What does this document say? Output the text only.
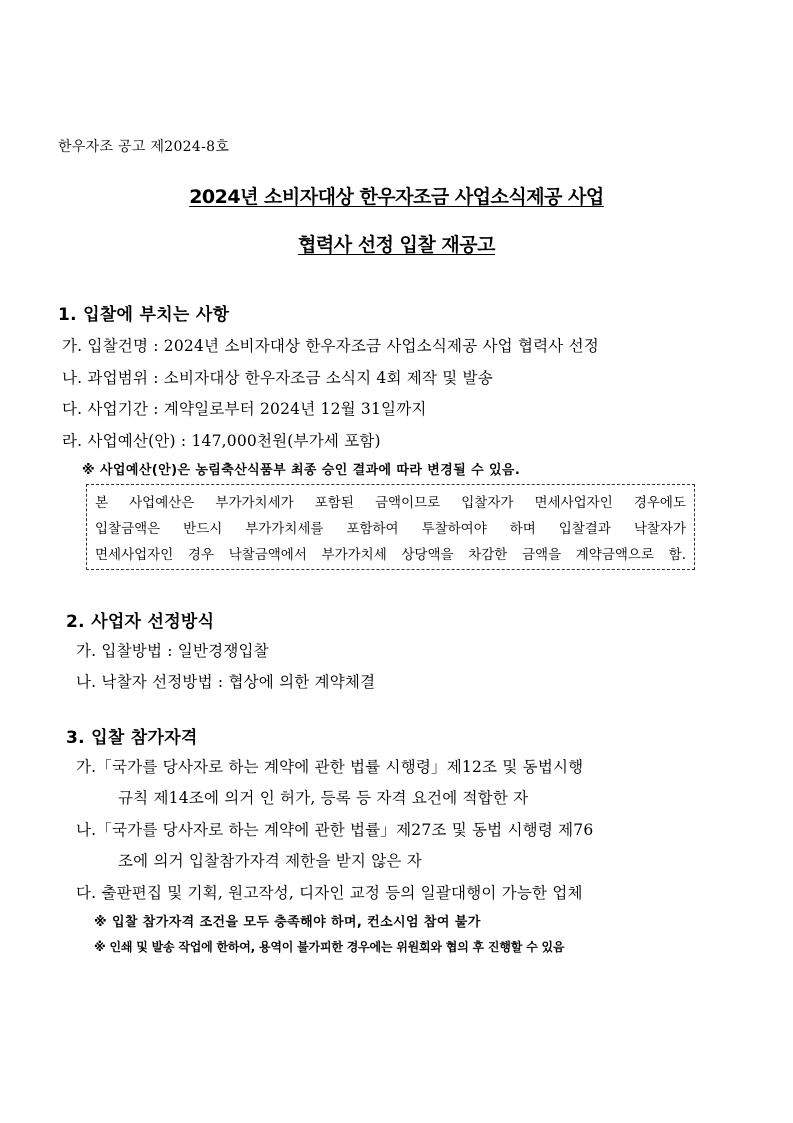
한우자조 공고 제2024-8호
2024년 소비자대상 한우자조금 사업소식제공 사업
협력사 선정 입찰 재공고
1. 입찰에 부치는 사항
가. 입찰건명 : 2024년 소비자대상 한우자조금 사업소식제공 사업 협력사 선정
나. 과업범위 : 소비자대상 한우자조금 소식지 4회 제작 및 발송
다. 사업기간 : 계약일로부터 2024년 12월 31일까지
라. 사업예산(안) : 147,000천원(부가세 포함)
※ 사업예산(안)은 농림축산식품부 최종 승인 결과에 따라 변경될 수 있음.
본 사업예산은 부가가치세가 포함된 금액이므로 입찰자가 면세사업자인 경우에도
입찰금액은 반드시 부가가치세를 포함하여 투찰하여야 하며 입찰결과 낙찰자가
면세사업자인 경우 낙찰금액에서 부가가치세 상당액을 차감한 금액을 계약금액으로 함.
2. 사업자 선정방식
가. 입찰방법 : 일반경쟁입찰
나. 낙찰자 선정방법 : 협상에 의한 계약체결
3. 입찰 참가자격
가.「국가를 당사자로 하는 계약에 관한 법률 시행령」제12조 및 동법시행
규칙 제14조에 의거 인 허가, 등록 등 자격 요건에 적합한 자
나.「국가를 당사자로 하는 계약에 관한 법률」제27조 및 동법 시행령 제76
조에 의거 입찰참가자격 제한을 받지 않은 자
다. 출판편집 및 기획, 원고작성, 디자인 교정 등의 일괄대행이 가능한 업체
※ 입찰 참가자격 조건을 모두 충족해야 하며, 컨소시엄 참여 불가
※ 인쇄 및 발송 작업에 한하여, 용역이 불가피한 경우에는 위원회와 협의 후 진행할 수 있음
